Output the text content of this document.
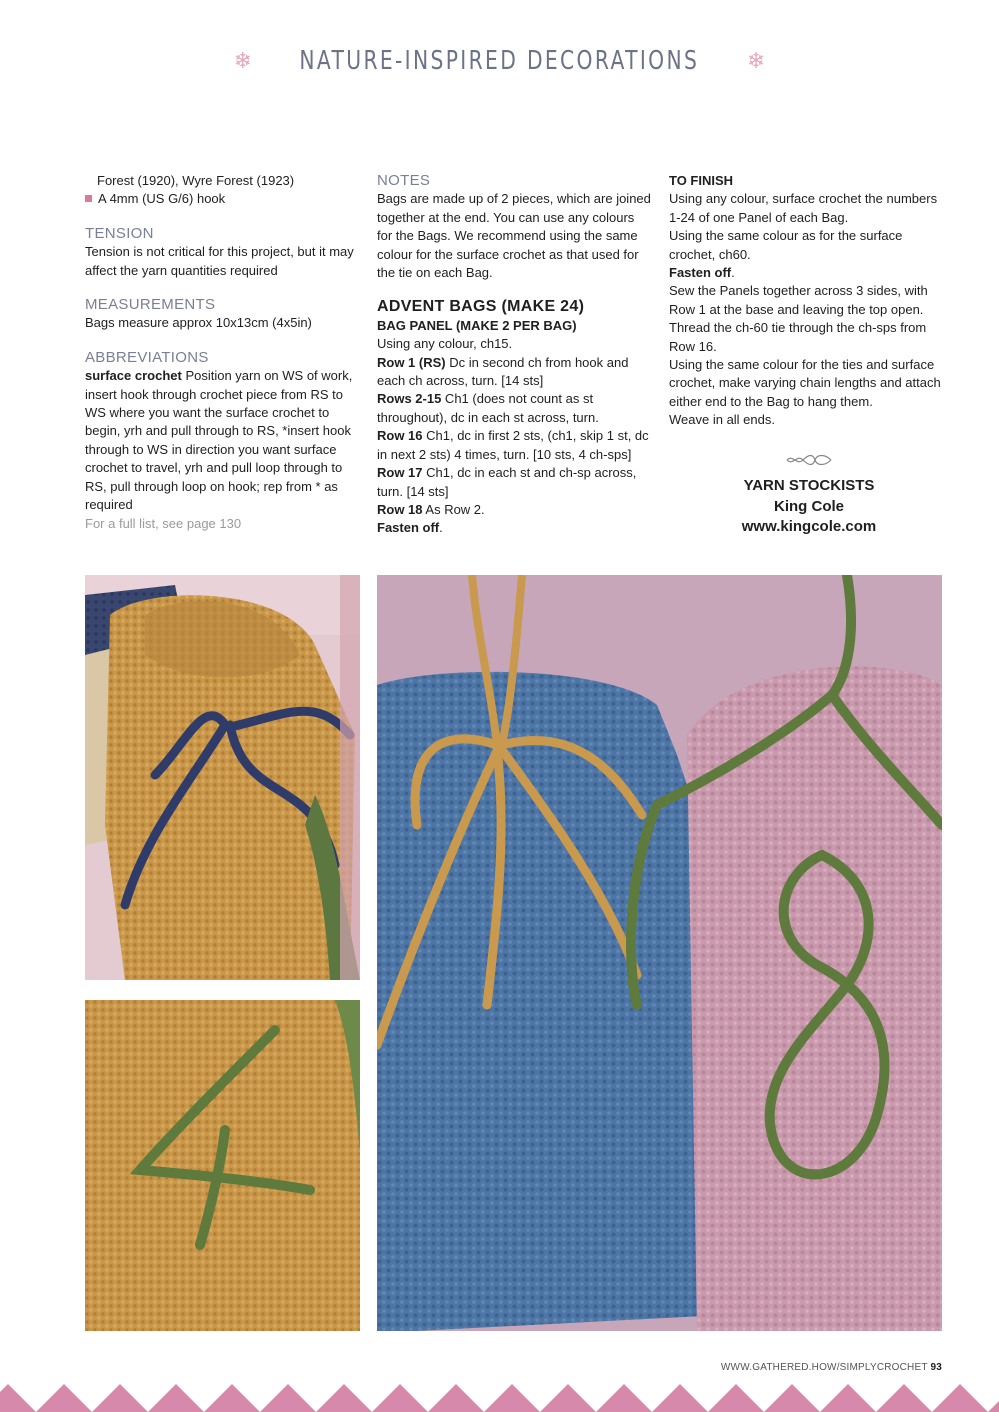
❄ NATURE-INSPIRED DECORATIONS ❄

Forest (1920), Wyre Forest (1923)

A 4mm (US G/6) hook

TENSION

Tension is not critical for this project, but it may affect the yarn quantities required

MEASUREMENTS

Bags measure approx 10x13cm (4x5in)

ABBREVIATIONS

surface crochet Position yarn on WS of work, insert hook through crochet piece from RS to WS where you want the surface crochet to begin, yrh and pull through to RS, *insert hook through to WS in direction you want surface crochet to travel, yrh and pull loop through to RS, pull through loop on hook; rep from * as required

For a full list, see page 130

NOTES

Bags are made up of 2 pieces, which are joined together at the end. You can use any colours for the Bags. We recommend using the same colour for the surface crochet as that used for the tie on each Bag.

ADVENT BAGS (MAKE 24)

BAG PANEL (MAKE 2 PER BAG)

Using any colour, ch15.

Row 1 (RS) Dc in second ch from hook and each ch across, turn. [14 sts]

Rows 2-15 Ch1 (does not count as st throughout), dc in each st across, turn.

Row 16 Ch1, dc in first 2 sts, (ch1, skip 1 st, dc in next 2 sts) 4 times, turn. [10 sts, 4 ch-sps]

Row 17 Ch1, dc in each st and ch-sp across, turn. [14 sts]

Row 18 As Row 2.

Fasten off.

TO FINISH

Using any colour, surface crochet the numbers 1-24 of one Panel of each Bag.

Using the same colour as for the surface crochet, ch60.

Fasten off.

Sew the Panels together across 3 sides, with Row 1 at the base and leaving the top open.

Thread the ch-60 tie through the ch-sps from Row 16.

Using the same colour for the ties and surface crochet, make varying chain lengths and attach either end to the Bag to hang them.

Weave in all ends.

YARN STOCKISTS
King Cole
www.kingcole.com
WWW.GATHERED.HOW/SIMPLYCROCHET 93
